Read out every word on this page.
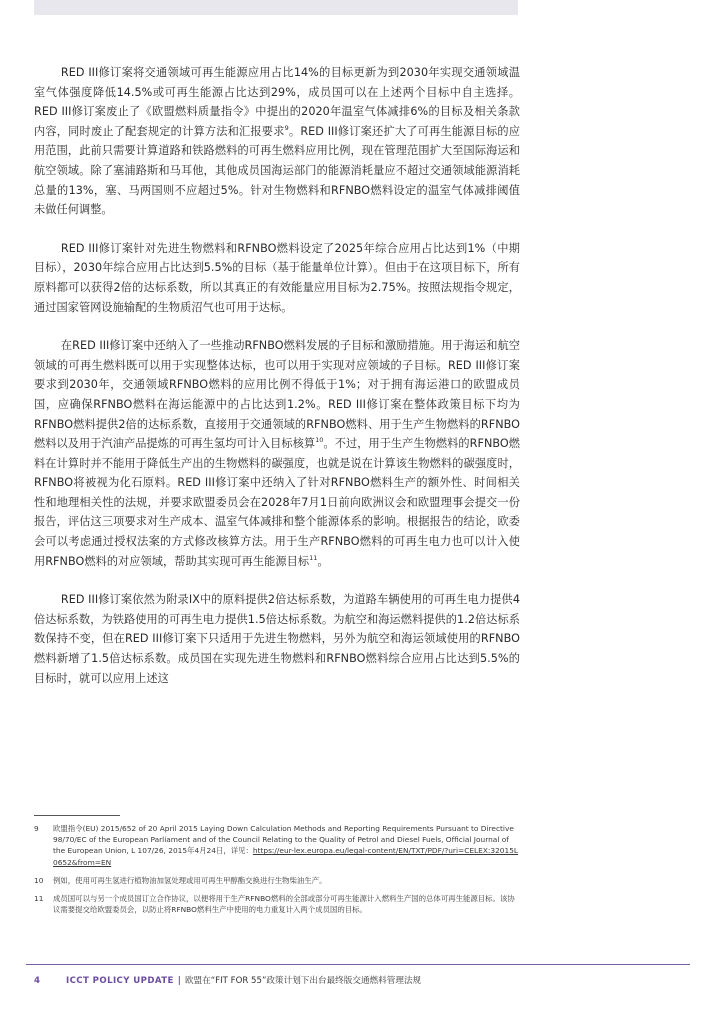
RED III修订案将交通领域可再生能源应用占比14%的目标更新为到2030年实现交通领域温室气体强度降低14.5%或可再生能源占比达到29%，成员国可以在上述两个目标中自主选择。RED III修订案废止了《欧盟燃料质量指令》中提出的2020年温室气体减排6%的目标及相关条款内容，同时废止了配套规定的计算方法和汇报要求$^9$。RED III修订案还扩大了可再生能源目标的应用范围，此前只需要计算道路和铁路燃料的可再生燃料应用比例，现在管理范围扩大至国际海运和航空领域。除了塞浦路斯和马耳他，其他成员国海运部门的能源消耗量应不超过交通领域能源消耗总量的13%，塞、马两国则不应超过5%。针对生物燃料和RFNBO燃料设定的温室气体减排阈值未做任何调整。

RED III修订案针对先进生物燃料和RFNBO燃料设定了2025年综合应用占比达到1%（中期目标），2030年综合应用占比达到5.5%的目标（基于能量单位计算）。但由于在这项目标下，所有原料都可以获得2倍的达标系数，所以其真正的有效能量应用目标为2.75%。按照法规指令规定，通过国家管网设施输配的生物质沼气也可用于达标。

在RED III修订案中还纳入了一些推动RFNBO燃料发展的子目标和激励措施。用于海运和航空领域的可再生燃料既可以用于实现整体达标，也可以用于实现对应领域的子目标。RED III修订案要求到2030年，交通领域RFNBO燃料的应用比例不得低于1%；对于拥有海运港口的欧盟成员国，应确保RFNBO燃料在海运能源中的占比达到1.2%。RED III修订案在整体政策目标下均为RFNBO燃料提供2倍的达标系数，直接用于交通领域的RFNBO燃料、用于生产生物燃料的RFNBO燃料以及用于汽油产品提炼的可再生氢均可计入目标核算$^{10}$。不过，用于生产生物燃料的RFNBO燃料在计算时并不能用于降低生产出的生物燃料的碳强度，也就是说在计算该生物燃料的碳强度时，RFNBO将被视为化石原料。RED III修订案中还纳入了针对RFNBO燃料生产的额外性、时间相关性和地理相关性的法规，并要求欧盟委员会在2028年7月1日前向欧洲议会和欧盟理事会提交一份报告，评估这三项要求对生产成本、温室气体减排和整个能源体系的影响。根据报告的结论，欧委会可以考虑通过授权法案的方式修改核算方法。用于生产RFNBO燃料的可再生电力也可以计入使用RFNBO燃料的对应领域，帮助其实现可再生能源目标$^{11}$。

RED III修订案依然为附录IX中的原料提供2倍达标系数，为道路车辆使用的可再生电力提供4倍达标系数，为铁路使用的可再生电力提供1.5倍达标系数。为航空和海运燃料提供的1.2倍达标系数保持不变，但在RED III修订案下只适用于先进生物燃料，另外为航空和海运领域使用的RFNBO燃料新增了1.5倍达标系数。成员国在实现先进生物燃料和RFNBO燃料综合应用占比达到5.5%的目标时，就可以应用上述这

9	欧盟指令(EU) 2015/652 of 20 April 2015 Laying Down Calculation Methods and Reporting Requirements Pursuant to Directive 98/70/EC of the European Parliament and of the Council Relating to the Quality of Petrol and Diesel Fuels, Official Journal of the European Union, L 107/26, 2015年4月24日，详见：https://eur-lex.europa.eu/legal-content/EN/TXT/PDF/?uri=CELEX:32015L0652&from=EN
10	例如，使用可再生氢进行植物油加氢处理或用可再生甲醇酯交换进行生物柴油生产。
11	成员国可以与另一个成员国订立合作协议，以便将用于生产RFNBO燃料的全部或部分可再生能源计入燃料生产国的总体可再生能源目标。该协议需要提交给欧盟委员会，以防止将RFNBO燃料生产中使用的电力重复计入两个成员国的目标。
4	ICCT POLICY UPDATE | 欧盟在“FIT FOR 55”政策计划下出台最终版交通燃料管理法规
